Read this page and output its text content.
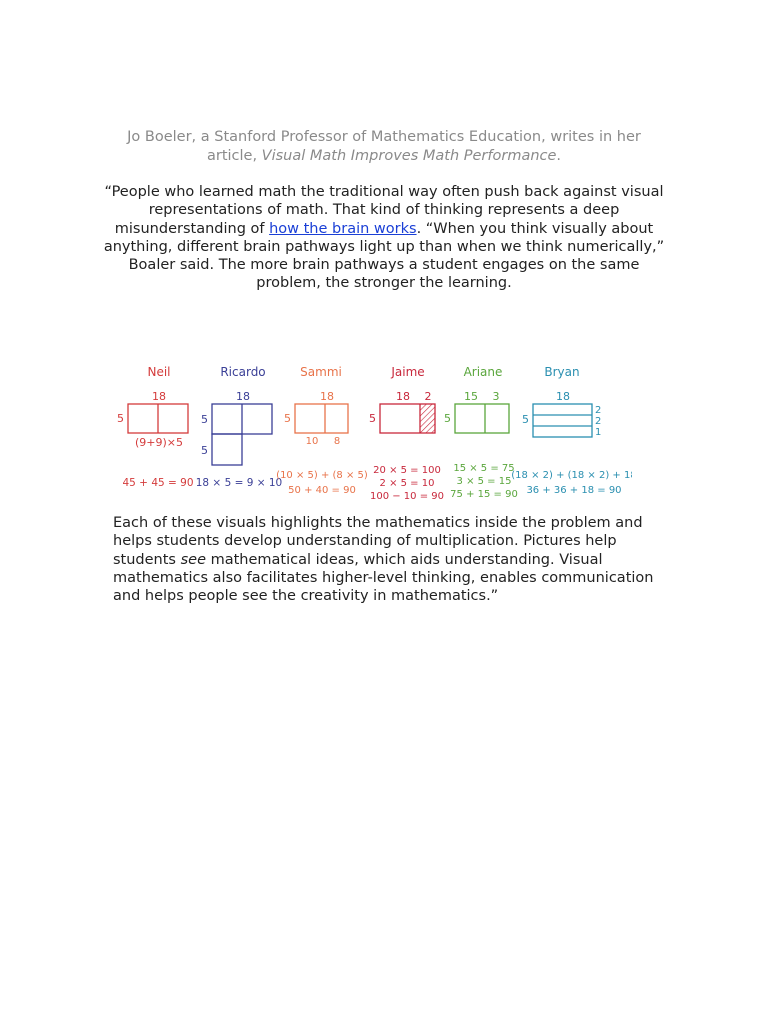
Jo Boeler, a Stanford Professor of Mathematics Education, writes in her
article, Visual Math Improves Math Performance.
“People who learned math the traditional way often push back against visual representations of math. That kind of thinking represents a deep misunderstanding of how the brain works. “When you think visually about anything, different brain pathways light up than when we think numerically,” Boaler said. The more brain pathways a student engages on the same problem, the stronger the learning.
Neil
18
5
(9+9)×5
45 + 45 = 90
Ricardo
18
5
5
18 × 5 = 9 × 10
Sammi
18
5
10 8
(10 × 5) + (8 × 5)
50 + 40 = 90
Jaime
18 2
5
20 × 5 = 100
2 × 5 = 10
100 − 10 = 90
Ariane
15 3
5
15 × 5 = 75
3 × 5 = 15
75 + 15 = 90
Bryan
18
5
2
2
1
(18 × 2) + (18 × 2) + 18
36 + 36 + 18 = 90
Each of these visuals highlights the mathematics inside the problem and helps students develop understanding of multiplication. Pictures help students see mathematical ideas, which aids understanding. Visual mathematics also facilitates higher-level thinking, enables communication and helps people see the creativity in mathematics.”
